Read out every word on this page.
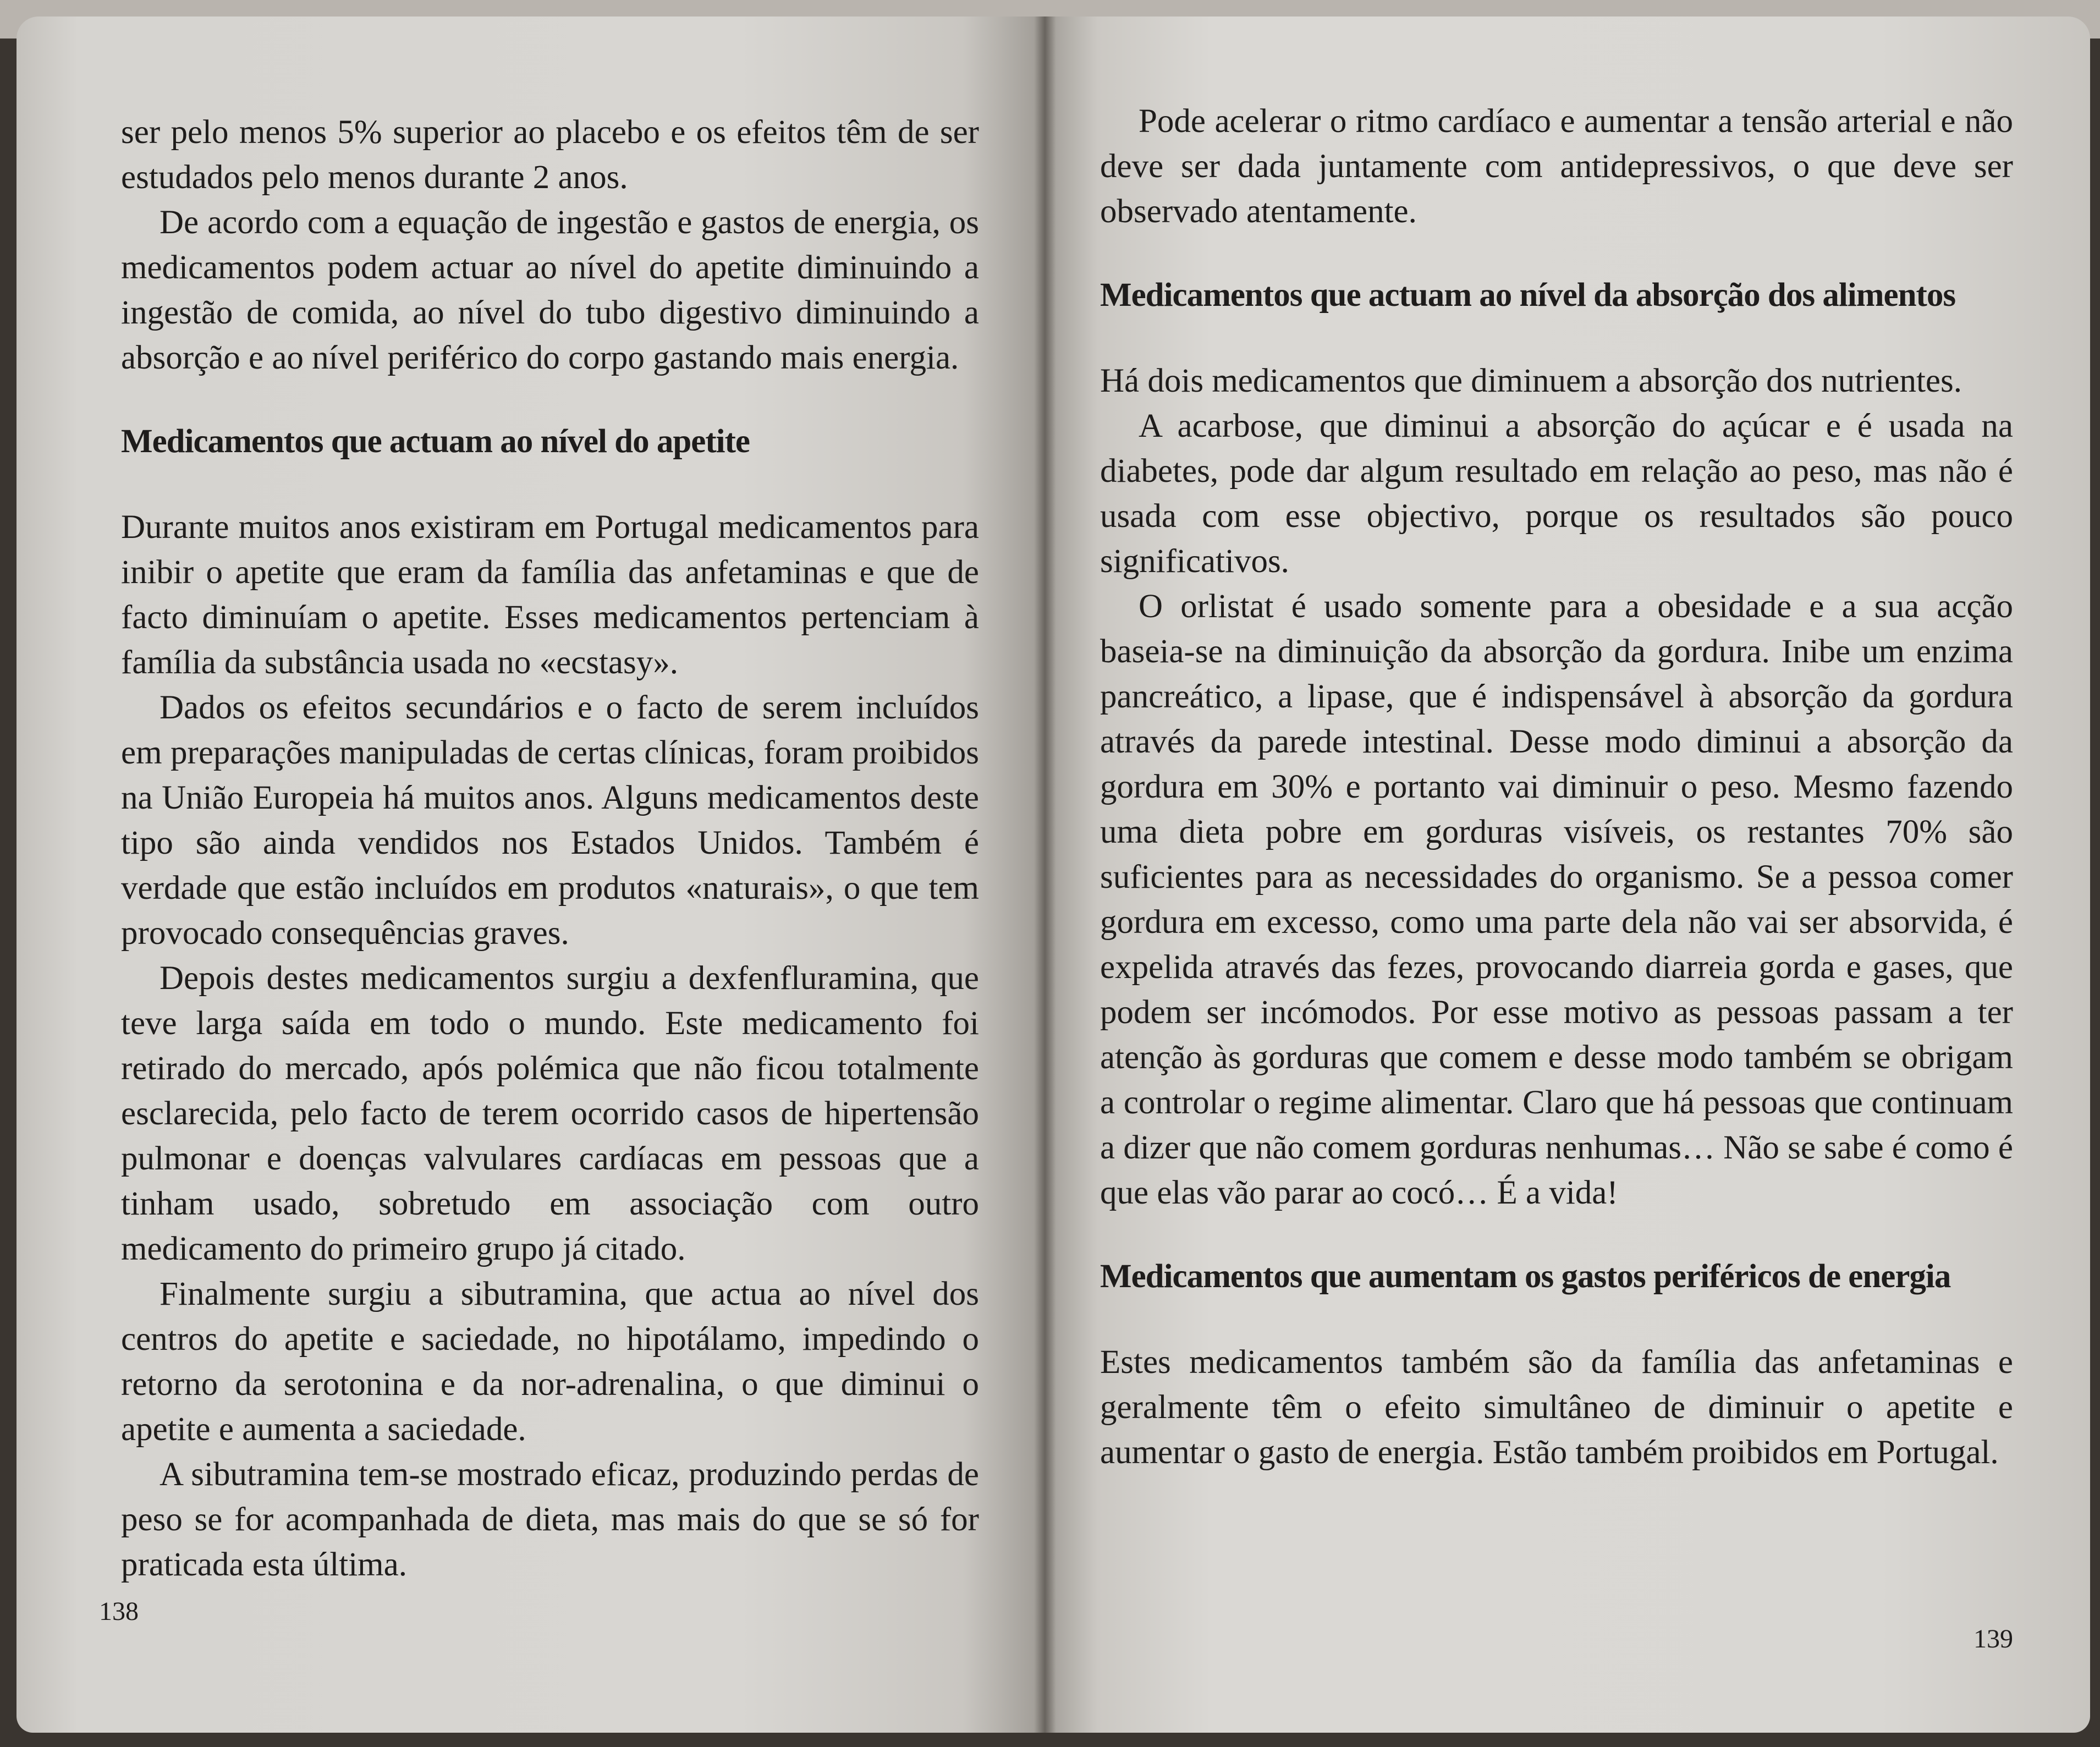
ser pelo menos 5% superior ao placebo e os efeitos têm de ser estudados pelo menos durante 2 anos.

De acordo com a equação de ingestão e gastos de energia, os medicamentos podem actuar ao nível do apetite diminuindo a ingestão de comida, ao nível do tubo digestivo diminuindo a absorção e ao nível periférico do corpo gastando mais energia.

Medicamentos que actuam ao nível do apetite

Durante muitos anos existiram em Portugal medicamentos para inibir o apetite que eram da família das anfetaminas e que de facto diminuíam o apetite. Esses medicamentos pertenciam à família da substância usada no «ecstasy».

Dados os efeitos secundários e o facto de serem incluídos em preparações manipuladas de certas clínicas, foram proibidos na União Europeia há muitos anos. Alguns medicamentos deste tipo são ainda vendidos nos Estados Unidos. Também é verdade que estão incluídos em produtos «naturais», o que tem provocado consequências graves.

Depois destes medicamentos surgiu a dexfenfluramina, que teve larga saída em todo o mundo. Este medicamento foi retirado do mercado, após polémica que não ficou totalmente esclarecida, pelo facto de terem ocorrido casos de hipertensão pulmonar e doenças valvulares cardíacas em pessoas que a tinham usado, sobretudo em associação com outro medicamento do primeiro grupo já citado.

Finalmente surgiu a sibutramina, que actua ao nível dos centros do apetite e saciedade, no hipotálamo, impedindo o retorno da serotonina e da nor-adrenalina, o que diminui o apetite e aumenta a saciedade.

A sibutramina tem-se mostrado eficaz, produzindo perdas de peso se for acompanhada de dieta, mas mais do que se só for praticada esta última.

138

Pode acelerar o ritmo cardíaco e aumentar a tensão arterial e não deve ser dada juntamente com antidepressivos, o que deve ser observado atentamente.

Medicamentos que actuam ao nível da absorção dos alimentos

Há dois medicamentos que diminuem a absorção dos nutrientes.

A acarbose, que diminui a absorção do açúcar e é usada na diabetes, pode dar algum resultado em relação ao peso, mas não é usada com esse objectivo, porque os resultados são pouco significativos.

O orlistat é usado somente para a obesidade e a sua acção baseia-se na diminuição da absorção da gordura. Inibe um enzima pancreático, a lipase, que é indispensável à absorção da gordura através da parede intestinal. Desse modo diminui a absorção da gordura em 30% e portanto vai diminuir o peso. Mesmo fazendo uma dieta pobre em gorduras visíveis, os restantes 70% são suficientes para as necessidades do organismo. Se a pessoa comer gordura em excesso, como uma parte dela não vai ser absorvida, é expelida através das fezes, provocando diarreia gorda e gases, que podem ser incómodos. Por esse motivo as pessoas passam a ter atenção às gorduras que comem e desse modo também se obrigam a controlar o regime alimentar. Claro que há pessoas que continuam a dizer que não comem gorduras nenhumas… Não se sabe é como é que elas vão parar ao cocó… É a vida!

Medicamentos que aumentam os gastos periféricos de energia

Estes medicamentos também são da família das anfetaminas e geralmente têm o efeito simultâneo de diminuir o apetite e aumentar o gasto de energia. Estão também proibidos em Portugal.

139
